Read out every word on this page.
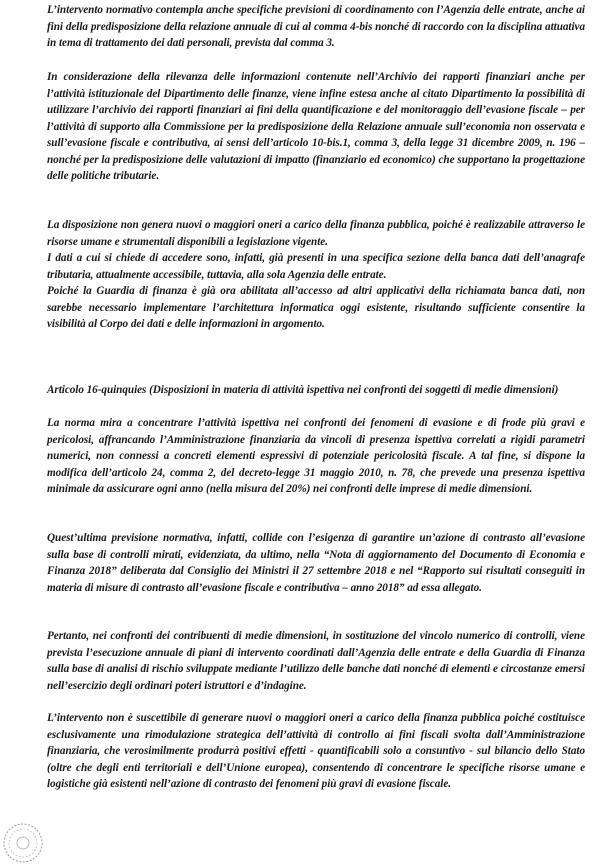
L’intervento normativo contempla anche specifiche previsioni di coordinamento con l’Agenzia delle entrate, anche ai fini della predisposizione della relazione annuale di cui al comma 4-bis nonché di raccordo con la disciplina attuativa in tema di trattamento dei dati personali, prevista dal comma 3.

In considerazione della rilevanza delle informazioni contenute nell’Archivio dei rapporti finanziari anche per l’attività istituzionale del Dipartimento delle finanze, viene infine estesa anche al citato Dipartimento la possibilità di utilizzare l’archivio dei rapporti finanziari ai fini della quantificazione e del monitoraggio dell’evasione fiscale – per l’attività di supporto alla Commissione per la predisposizione della Relazione annuale sull’economia non osservata e sull’evasione fiscale e contributiva, ai sensi dell’articolo 10-bis.1, comma 3, della legge 31 dicembre 2009, n. 196 – nonché per la predisposizione delle valutazioni di impatto (finanziario ed economico) che supportano la progettazione delle politiche tributarie.

La disposizione non genera nuovi o maggiori oneri a carico della finanza pubblica, poiché è realizzabile attraverso le risorse umane e strumentali disponibili a legislazione vigente.

I dati a cui si chiede di accedere sono, infatti, già presenti in una specifica sezione della banca dati dell’anagrafe tributaria, attualmente accessibile, tuttavia, alla sola Agenzia delle entrate.

Poiché la Guardia di finanza è già ora abilitata all’accesso ad altri applicativi della richiamata banca dati, non sarebbe necessario implementare l’architettura informatica oggi esistente, risultando sufficiente consentire la visibilità al Corpo dei dati e delle informazioni in argomento.

Articolo 16-quinquies (Disposizioni in materia di attività ispettiva nei confronti dei soggetti di medie dimensioni)

La norma mira a concentrare l’attività ispettiva nei confronti dei fenomeni di evasione e di frode più gravi e pericolosi, affrancando l’Amministrazione finanziaria da vincoli di presenza ispettiva correlati a rigidi parametri numerici, non connessi a concreti elementi espressivi di potenziale pericolosità fiscale. A tal fine, si dispone la modifica dell’articolo 24, comma 2, del decreto-legge 31 maggio 2010, n. 78, che prevede una presenza ispettiva minimale da assicurare ogni anno (nella misura del 20%) nei confronti delle imprese di medie dimensioni.

Quest’ultima previsione normativa, infatti, collide con l’esigenza di garantire un’azione di contrasto all’evasione sulla base di controlli mirati, evidenziata, da ultimo, nella “Nota di aggiornamento del Documento di Economia e Finanza 2018” deliberata dal Consiglio dei Ministri il 27 settembre 2018 e nel “Rapporto sui risultati conseguiti in materia di misure di contrasto all’evasione fiscale e contributiva – anno 2018” ad essa allegato.

Pertanto, nei confronti dei contribuenti di medie dimensioni, in sostituzione del vincolo numerico di controlli, viene prevista l’esecuzione annuale di piani di intervento coordinati dall’Agenzia delle entrate e della Guardia di Finanza sulla base di analisi di rischio sviluppate mediante l’utilizzo delle banche dati nonché di elementi e circostanze emersi nell’esercizio degli ordinari poteri istruttori e d’indagine.

L’intervento non è suscettibile di generare nuovi o maggiori oneri a carico della finanza pubblica poiché costituisce esclusivamente una rimodulazione strategica dell’attività di controllo ai fini fiscali svolta dall’Amministrazione finanziaria, che verosimilmente produrrà positivi effetti - quantificabili solo a consuntivo - sul bilancio dello Stato (oltre che degli enti territoriali e dell’Unione europea), consentendo di concentrare le specifiche risorse umane e logistiche già esistenti nell’azione di contrasto dei fenomeni più gravi di evasione fiscale.
